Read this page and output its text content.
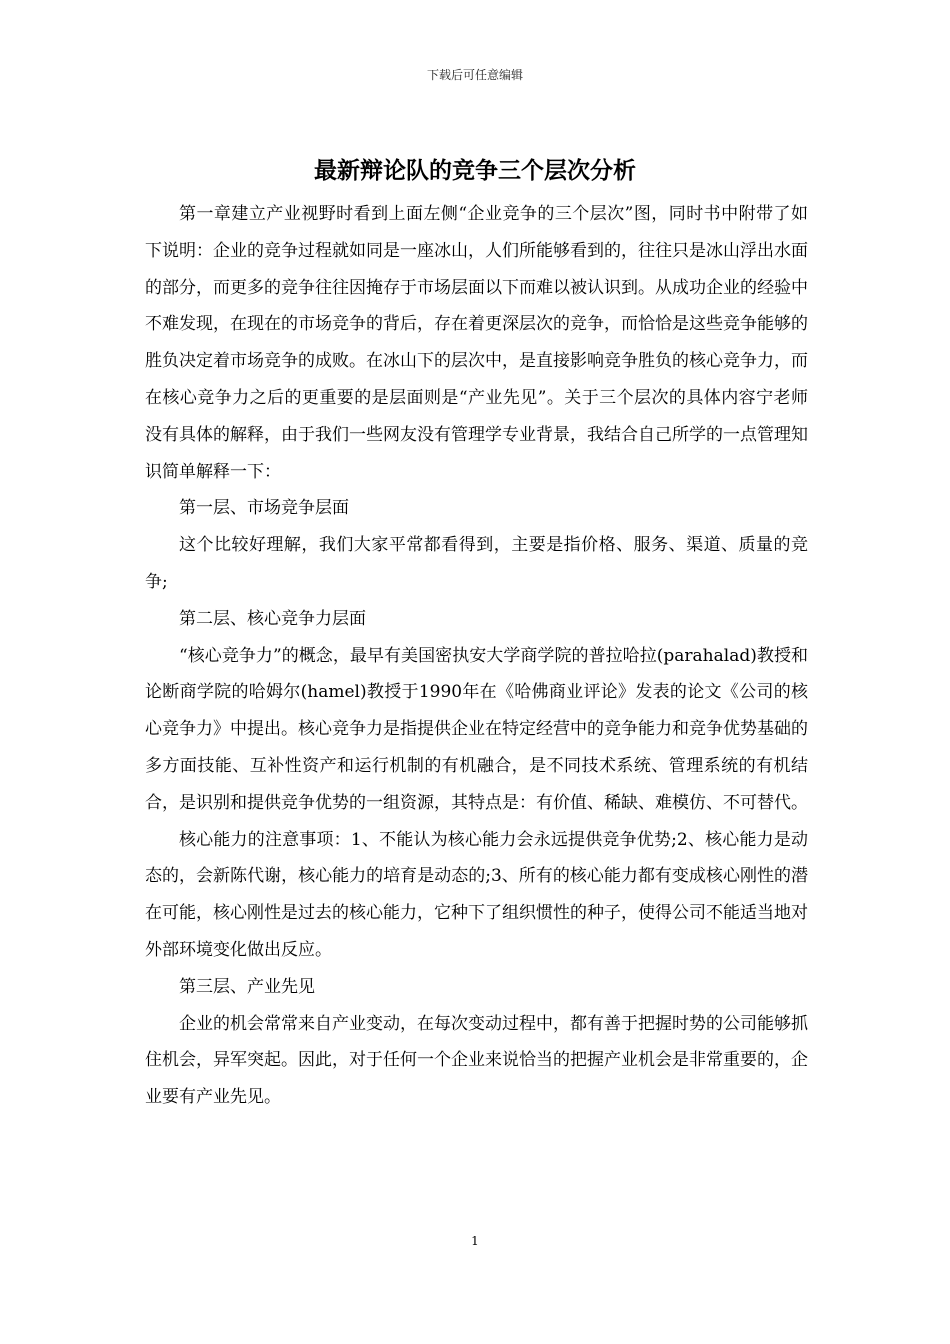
下载后可任意编辑
最新辩论队的竞争三个层次分析

第一章建立产业视野时看到上面左侧“企业竞争的三个层次”图，同时书中附带了如下说明：企业的竞争过程就如同是一座冰山，人们所能够看到的，往往只是冰山浮出水面的部分，而更多的竞争往往因掩存于市场层面以下而难以被认识到。从成功企业的经验中不难发现，在现在的市场竞争的背后，存在着更深层次的竞争，而恰恰是这些竞争能够的胜负决定着市场竞争的成败。在冰山下的层次中，是直接影响竞争胜负的核心竞争力，而在核心竞争力之后的更重要的是层面则是“产业先见”。关于三个层次的具体内容宁老师没有具体的解释，由于我们一些网友没有管理学专业背景，我结合自己所学的一点管理知识简单解释一下：

第一层、市场竞争层面

这个比较好理解，我们大家平常都看得到，主要是指价格、服务、渠道、质量的竞争;

第二层、核心竞争力层面

“核心竞争力”的概念，最早有美国密执安大学商学院的普拉哈拉(parahalad)教授和论断商学院的哈姆尔(hamel)教授于1990年在《哈佛商业评论》发表的论文《公司的核心竞争力》中提出。核心竞争力是指提供企业在特定经营中的竞争能力和竞争优势基础的多方面技能、互补性资产和运行机制的有机融合，是不同技术系统、管理系统的有机结合，是识别和提供竞争优势的一组资源，其特点是：有价值、稀缺、难模仿、不可替代。

核心能力的注意事项：1、不能认为核心能力会永远提供竞争优势;2、核心能力是动态的，会新陈代谢，核心能力的培育是动态的;3、所有的核心能力都有变成核心刚性的潜在可能，核心刚性是过去的核心能力，它种下了组织惯性的种子，使得公司不能适当地对外部环境变化做出反应。

第三层、产业先见

企业的机会常常来自产业变动，在每次变动过程中，都有善于把握时势的公司能够抓住机会，异军突起。因此，对于任何一个企业来说恰当的把握产业机会是非常重要的，企业要有产业先见。

1
